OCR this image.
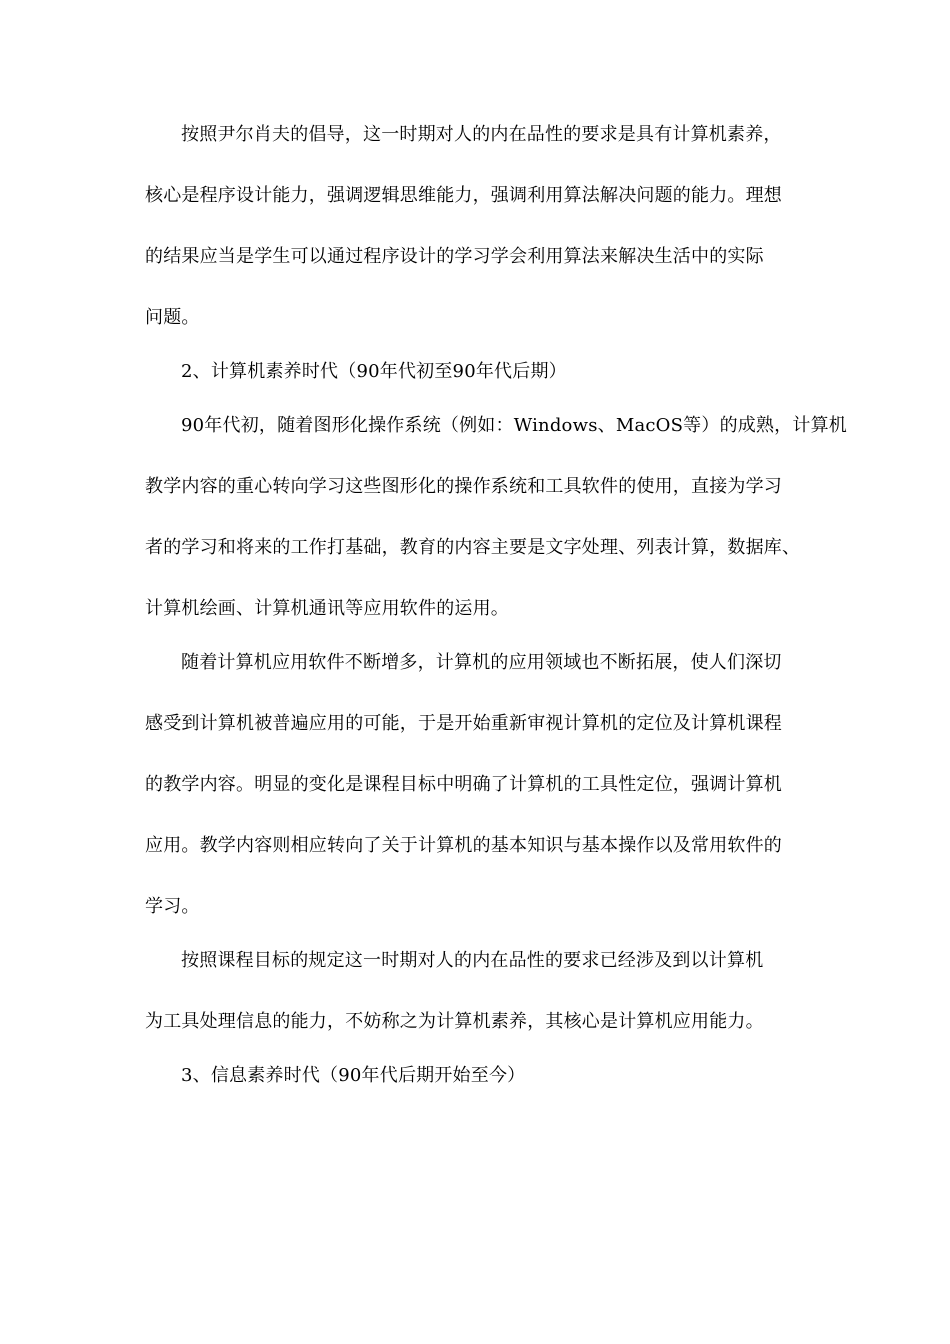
按照尹尔肖夫的倡导，这一时期对人的内在品性的要求是具有计算机素养，
核心是程序设计能力，强调逻辑思维能力，强调利用算法解决问题的能力。理想
的结果应当是学生可以通过程序设计的学习学会利用算法来解决生活中的实际
问题。
2、计算机素养时代（90年代初至90年代后期）
90年代初，随着图形化操作系统（例如：Windows、MacOS等）的成熟，计算机
教学内容的重心转向学习这些图形化的操作系统和工具软件的使用，直接为学习
者的学习和将来的工作打基础，教育的内容主要是文字处理、列表计算，数据库、
计算机绘画、计算机通讯等应用软件的运用。
随着计算机应用软件不断增多，计算机的应用领域也不断拓展，使人们深切
感受到计算机被普遍应用的可能，于是开始重新审视计算机的定位及计算机课程
的教学内容。明显的变化是课程目标中明确了计算机的工具性定位，强调计算机
应用。教学内容则相应转向了关于计算机的基本知识与基本操作以及常用软件的
学习。
按照课程目标的规定这一时期对人的内在品性的要求已经涉及到以计算机
为工具处理信息的能力，不妨称之为计算机素养，其核心是计算机应用能力。
3、信息素养时代（90年代后期开始至今）
